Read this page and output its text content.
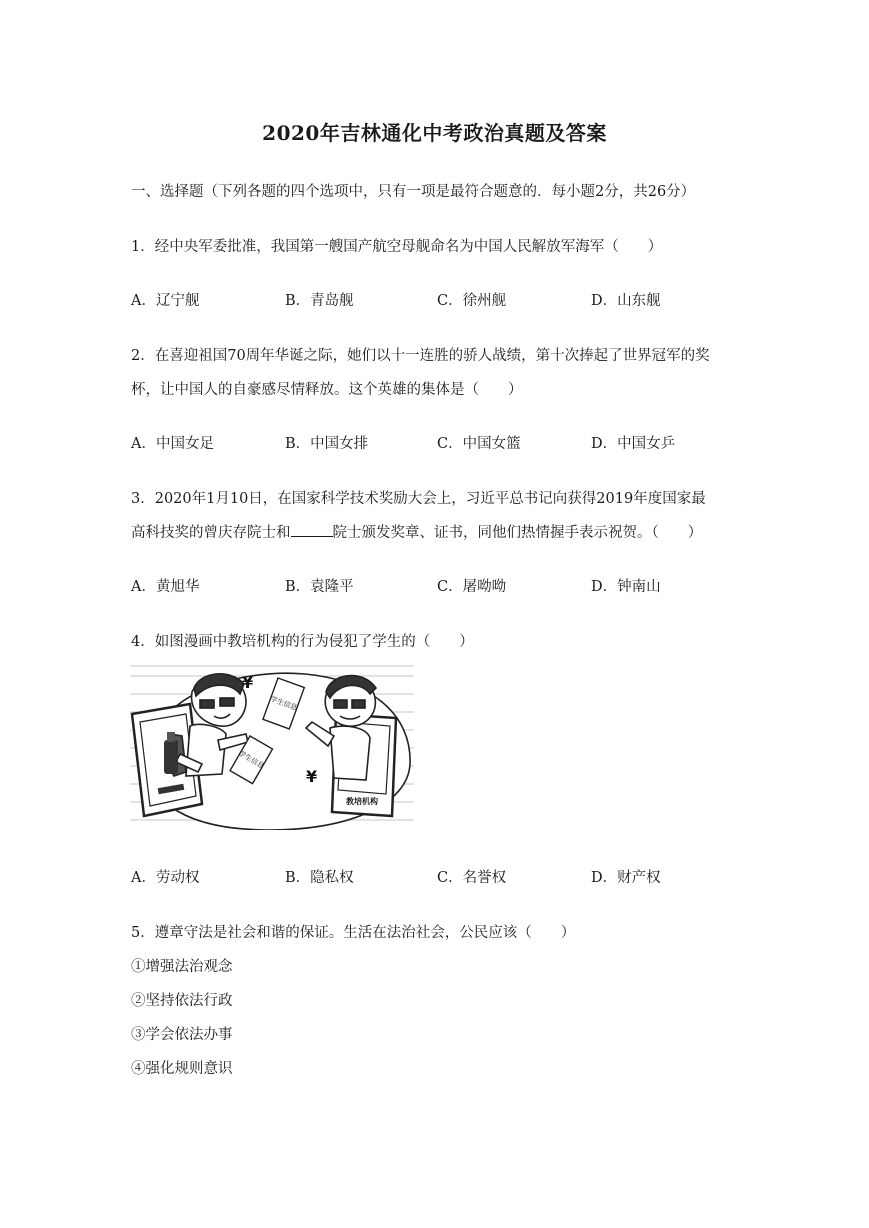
2020年吉林通化中考政治真题及答案
一、选择题（下列各题的四个选项中，只有一项是最符合题意的．每小题2分，共26分）
1．经中央军委批准，我国第一艘国产航空母舰命名为中国人民解放军海军（　　）
A．辽宁舰	B．青岛舰	C．徐州舰	D．山东舰
2．在喜迎祖国70周年华诞之际，她们以十一连胜的骄人战绩，第十次捧起了世界冠军的奖
杯，让中国人的自豪感尽情释放。这个英雄的集体是（　　）
A．中国女足	B．中国女排	C．中国女篮	D．中国女乒
3．2020年1月10日，在国家科学技术奖励大会上，习近平总书记向获得2019年度国家最
高科技奖的曾庆存院士和	院士颁发奖章、证书，同他们热情握手表示祝贺。（　　）
A．黄旭华	B．袁隆平	C．屠呦呦	D．钟南山
4．如图漫画中教培机构的行为侵犯了学生的（　　）
¥
¥
学生信息
学生信息
教培机构
A．劳动权	B．隐私权	C．名誉权	D．财产权
5．遵章守法是社会和谐的保证。生活在法治社会，公民应该（　　）
①增强法治观念
②坚持依法行政
③学会依法办事
④强化规则意识
